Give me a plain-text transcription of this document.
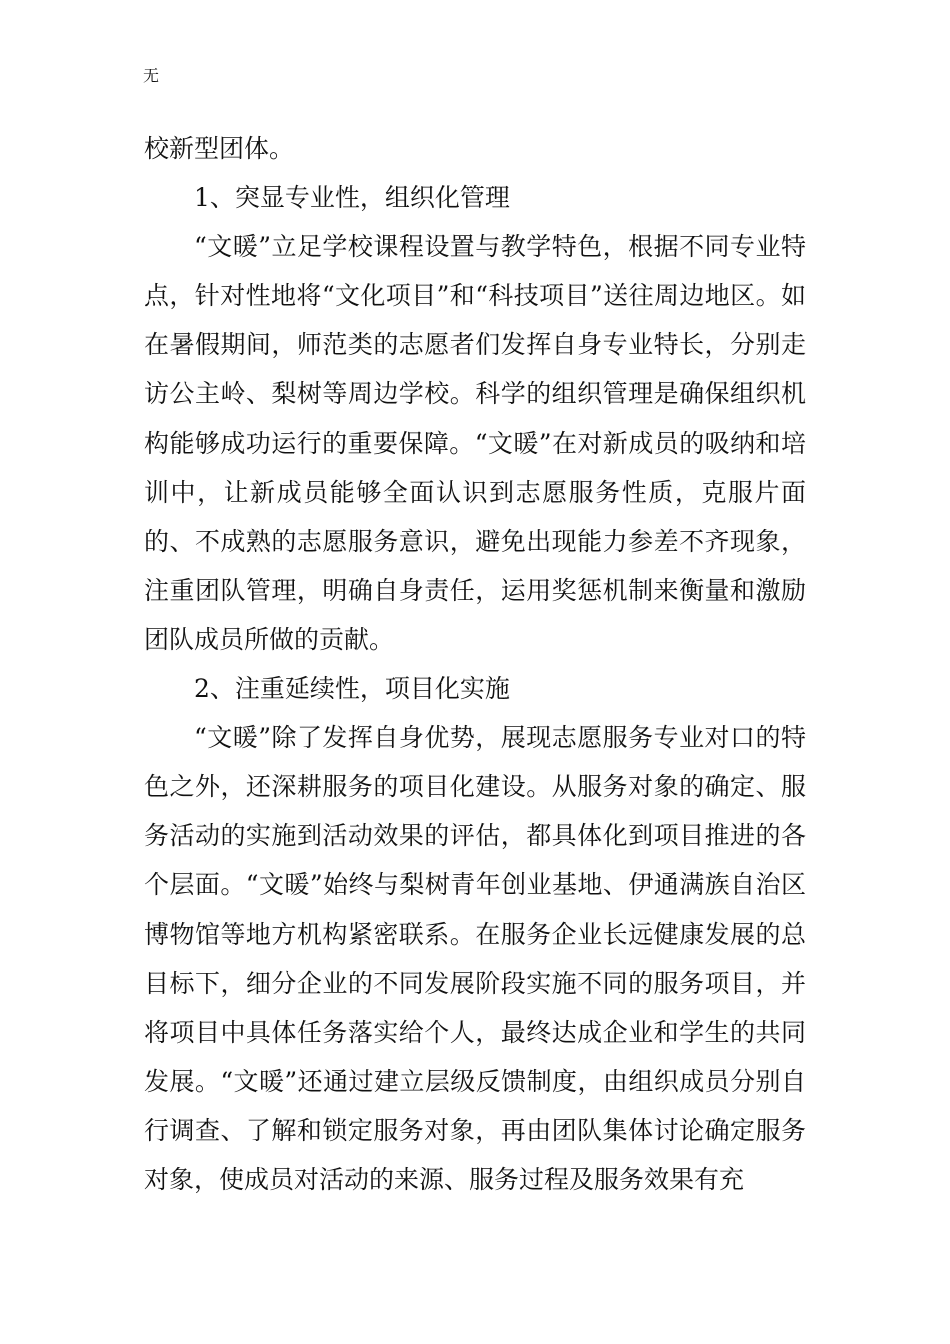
无

校新型团体。

1、突显专业性，组织化管理

“文暖”立足学校课程设置与教学特色，根据不同专业特点，针对性地将“文化项目”和“科技项目”送往周边地区。如在暑假期间，师范类的志愿者们发挥自身专业特长，分别走访公主岭、梨树等周边学校。科学的组织管理是确保组织机构能够成功运行的重要保障。“文暖”在对新成员的吸纳和培训中，让新成员能够全面认识到志愿服务性质，克服片面的、不成熟的志愿服务意识，避免出现能力参差不齐现象，注重团队管理，明确自身责任，运用奖惩机制来衡量和激励团队成员所做的贡献。

2、注重延续性，项目化实施

“文暖”除了发挥自身优势，展现志愿服务专业对口的特色之外，还深耕服务的项目化建设。从服务对象的确定、服务活动的实施到活动效果的评估，都具体化到项目推进的各个层面。“文暖”始终与梨树青年创业基地、伊通满族自治区博物馆等地方机构紧密联系。在服务企业长远健康发展的总目标下，细分企业的不同发展阶段实施不同的服务项目，并将项目中具体任务落实给个人，最终达成企业和学生的共同发展。“文暖”还通过建立层级反馈制度，由组织成员分别自行调查、了解和锁定服务对象，再由团队集体讨论确定服务对象，使成员对活动的来源、服务过程及服务效果有充
